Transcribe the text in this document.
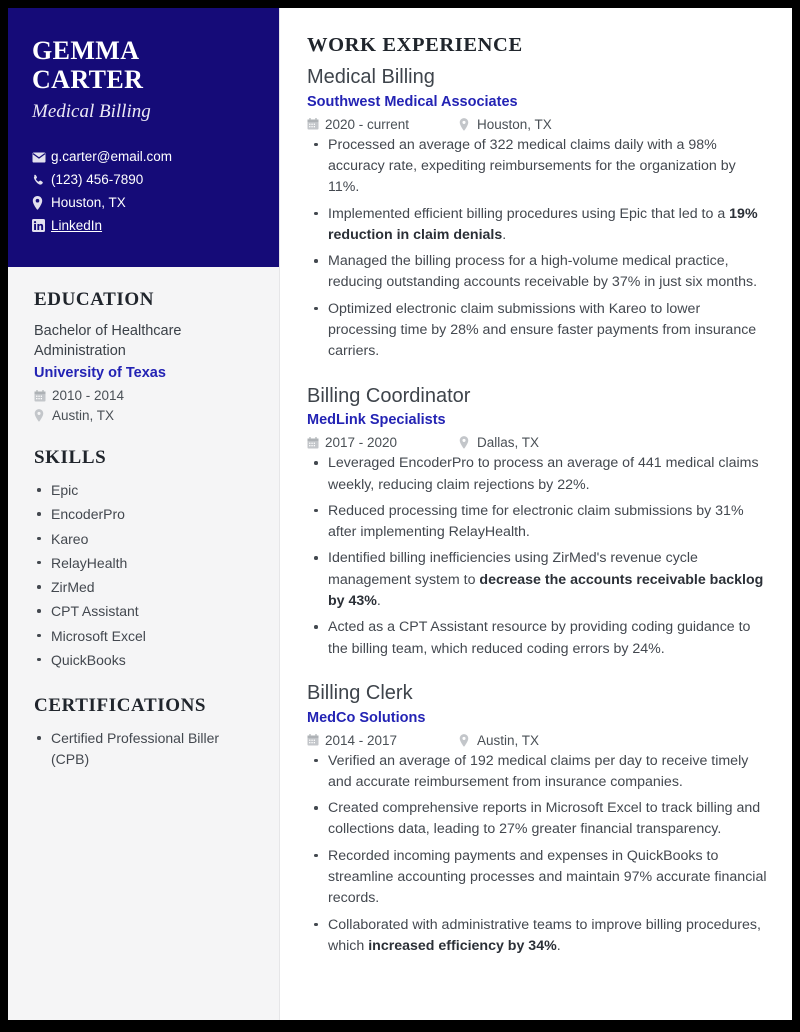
GEMMA CARTER
Medical Billing
g.carter@email.com
(123) 456-7890
Houston, TX
LinkedIn
EDUCATION
Bachelor of Healthcare Administration
University of Texas
2010 - 2014
Austin, TX
SKILLS
Epic
EncoderPro
Kareo
RelayHealth
ZirMed
CPT Assistant
Microsoft Excel
QuickBooks
CERTIFICATIONS
Certified Professional Biller (CPB)
WORK EXPERIENCE
Medical Billing
Southwest Medical Associates
2020 - current	Houston, TX
Processed an average of 322 medical claims daily with a 98% accuracy rate, expediting reimbursements for the organization by 11%.
Implemented efficient billing procedures using Epic that led to a 19% reduction in claim denials.
Managed the billing process for a high-volume medical practice, reducing outstanding accounts receivable by 37% in just six months.
Optimized electronic claim submissions with Kareo to lower processing time by 28% and ensure faster payments from insurance carriers.
Billing Coordinator
MedLink Specialists
2017 - 2020	Dallas, TX
Leveraged EncoderPro to process an average of 441 medical claims weekly, reducing claim rejections by 22%.
Reduced processing time for electronic claim submissions by 31% after implementing RelayHealth.
Identified billing inefficiencies using ZirMed's revenue cycle management system to decrease the accounts receivable backlog by 43%.
Acted as a CPT Assistant resource by providing coding guidance to the billing team, which reduced coding errors by 24%.
Billing Clerk
MedCo Solutions
2014 - 2017	Austin, TX
Verified an average of 192 medical claims per day to receive timely and accurate reimbursement from insurance companies.
Created comprehensive reports in Microsoft Excel to track billing and collections data, leading to 27% greater financial transparency.
Recorded incoming payments and expenses in QuickBooks to streamline accounting processes and maintain 97% accurate financial records.
Collaborated with administrative teams to improve billing procedures, which increased efficiency by 34%.
